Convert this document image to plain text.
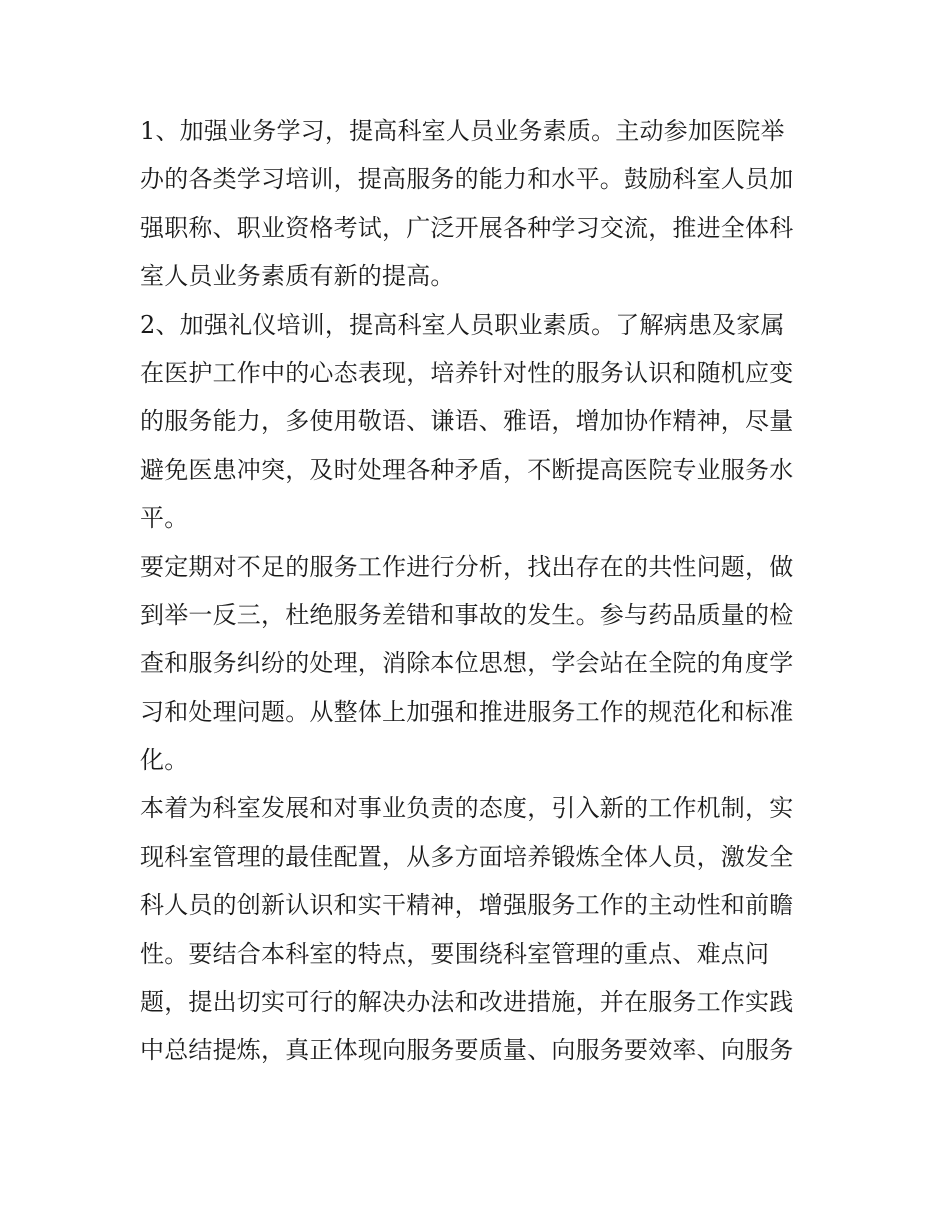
1、加强业务学习，提高科室人员业务素质。主动参加医院举
办的各类学习培训，提高服务的能力和水平。鼓励科室人员加
强职称、职业资格考试，广泛开展各种学习交流，推进全体科
室人员业务素质有新的提高。
2、加强礼仪培训，提高科室人员职业素质。了解病患及家属
在医护工作中的心态表现，培养针对性的服务认识和随机应变
的服务能力，多使用敬语、谦语、雅语，增加协作精神，尽量
避免医患冲突，及时处理各种矛盾，不断提高医院专业服务水
平。
要定期对不足的服务工作进行分析，找出存在的共性问题，做
到举一反三，杜绝服务差错和事故的发生。参与药品质量的检
查和服务纠纷的处理，消除本位思想，学会站在全院的角度学
习和处理问题。从整体上加强和推进服务工作的规范化和标准
化。
本着为科室发展和对事业负责的态度，引入新的工作机制，实
现科室管理的最佳配置，从多方面培养锻炼全体人员，激发全
科人员的创新认识和实干精神，增强服务工作的主动性和前瞻
性。要结合本科室的特点，要围绕科室管理的重点、难点问
题，提出切实可行的解决办法和改进措施，并在服务工作实践
中总结提炼，真正体现向服务要质量、向服务要效率、向服务
